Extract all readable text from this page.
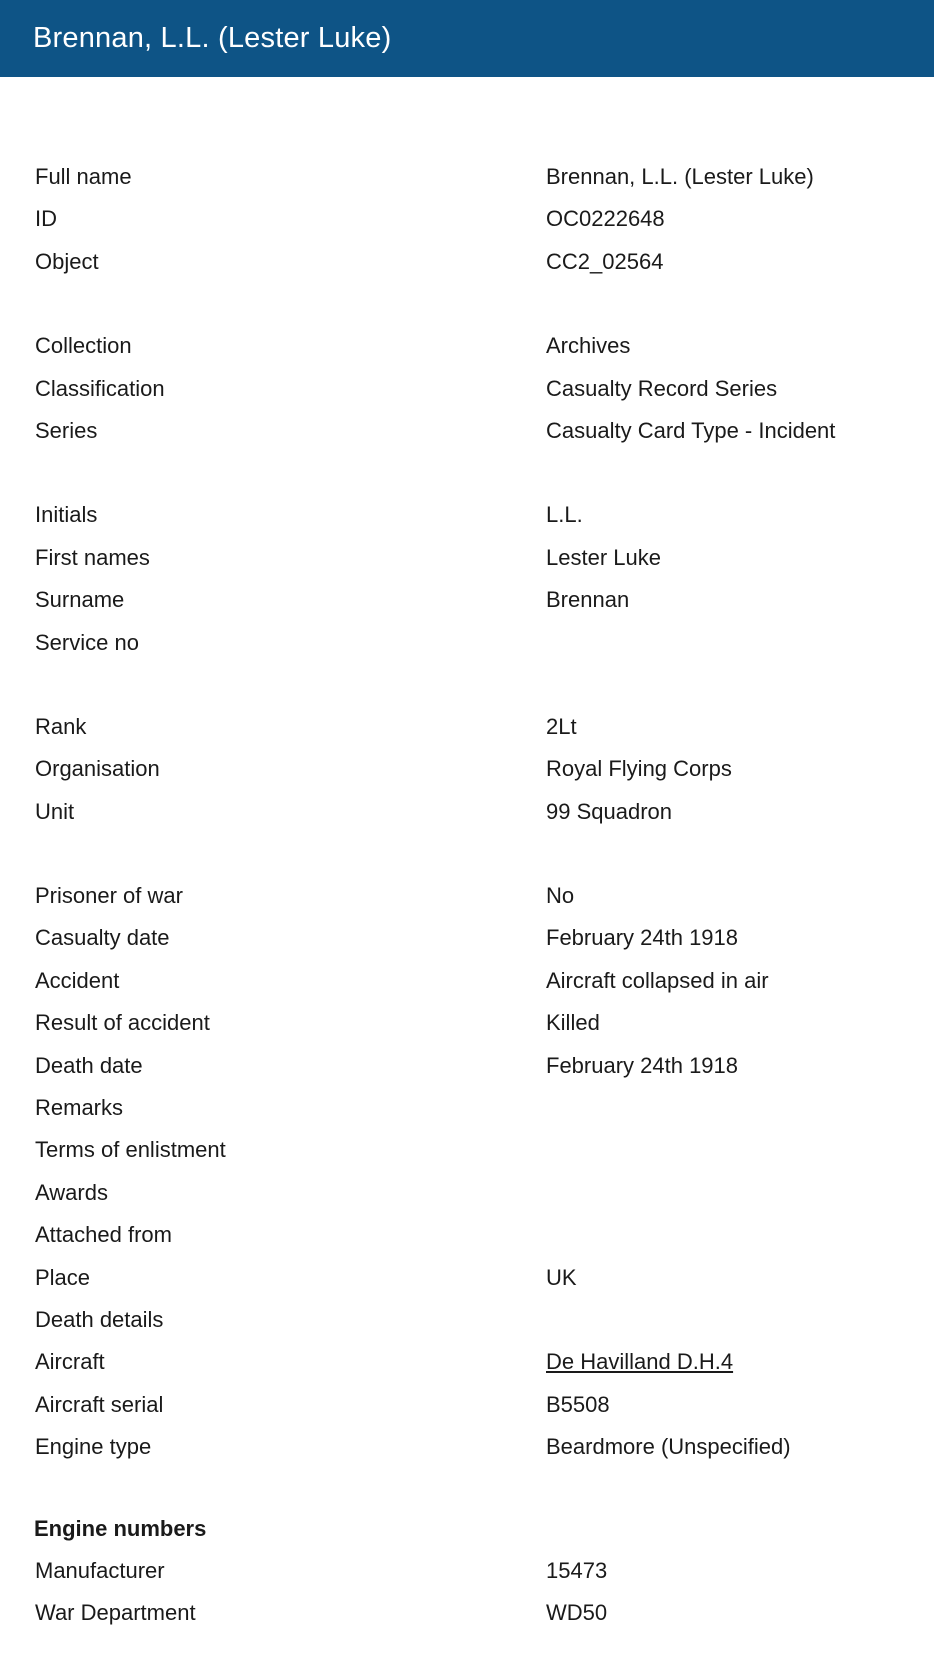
Brennan, L.L. (Lester Luke)
Full name	Brennan, L.L. (Lester Luke)
ID	OC0222648
Object	CC2_02564
Collection	Archives
Classification	Casualty Record Series
Series	Casualty Card Type - Incident
Initials	L.L.
First names	Lester Luke
Surname	Brennan
Service no
Rank	2Lt
Organisation	Royal Flying Corps
Unit	99 Squadron
Prisoner of war	No
Casualty date	February 24th 1918
Accident	Aircraft collapsed in air
Result of accident	Killed
Death date	February 24th 1918
Remarks
Terms of enlistment
Awards
Attached from
Place	UK
Death details
Aircraft	De Havilland D.H.4
Aircraft serial	B5508
Engine type	Beardmore (Unspecified)
Engine numbers
Manufacturer	15473
War Department	WD50
